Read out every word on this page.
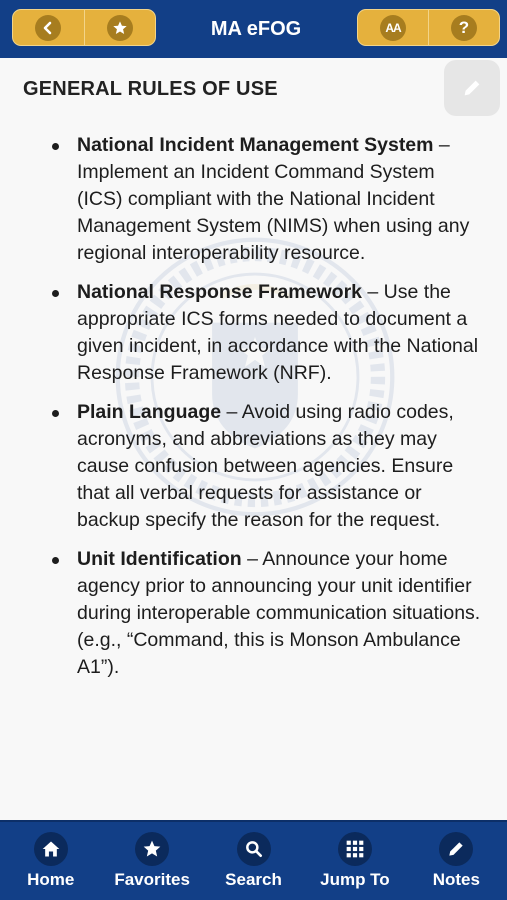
MA eFOG	AA	?
GENERAL RULES OF USE
National Incident Management System – Implement an Incident Command System (ICS) compliant with the National Incident Management System (NIMS) when using any regional interoperability resource.
National Response Framework – Use the appropriate ICS forms needed to document a given incident, in accordance with the National Response Framework (NRF).
Plain Language – Avoid using radio codes, acronyms, and abbreviations as they may cause confusion between agencies. Ensure that all verbal requests for assistance or backup specify the reason for the request.
Unit Identification – Announce your home agency prior to announcing your unit identifier during interoperable communication situations. (e.g., “Command, this is Monson Ambulance A1”).
Home Favorites Search Jump To	Notes
